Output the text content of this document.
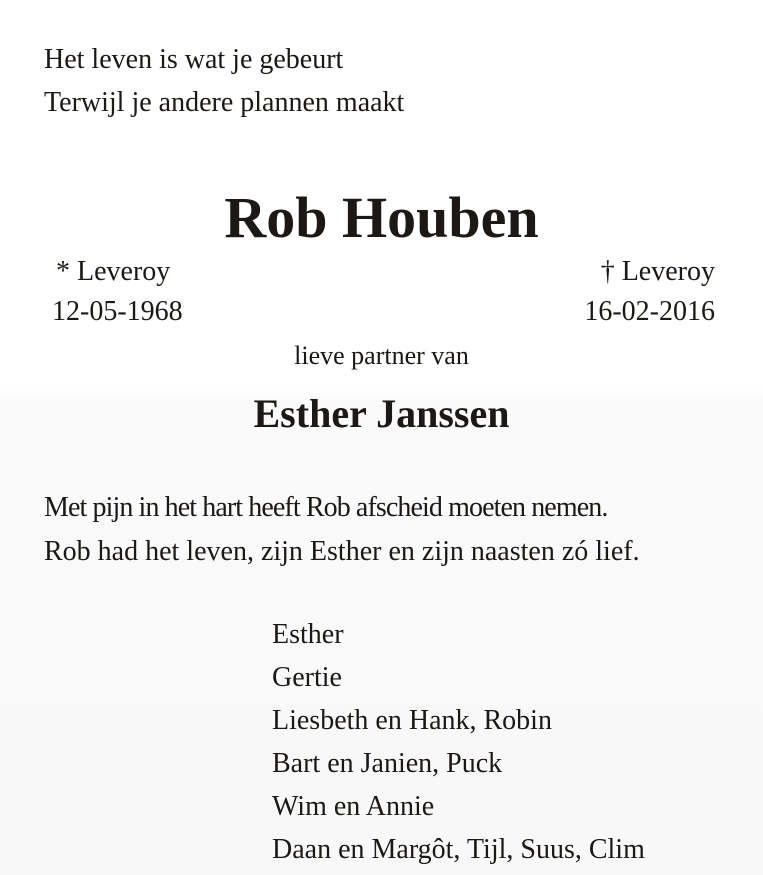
Het leven is wat je gebeurt
Terwijl je andere plannen maakt
Rob Houben
* Leveroy
12-05-1968
† Leveroy
16-02-2016
lieve partner van
Esther Janssen
Met pijn in het hart heeft Rob afscheid moeten nemen.
Rob had het leven, zijn Esther en zijn naasten zó lief.
Esther
Gertie
Liesbeth en Hank, Robin
Bart en Janien, Puck
Wim en Annie
Daan en Margôt, Tijl, Suus, Clim
